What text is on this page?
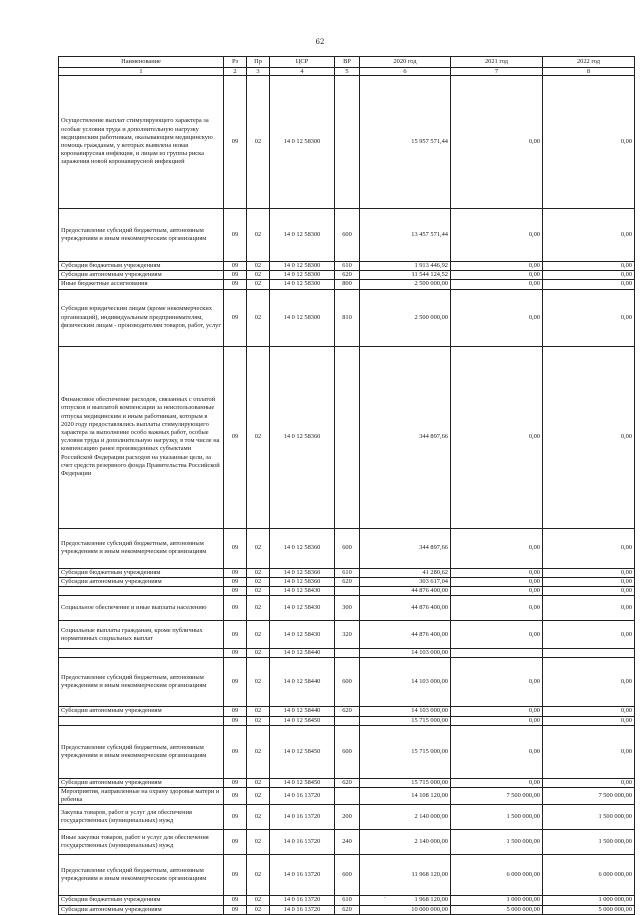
62
Наименование	Рз	Пр	ЦСР	ВР	2020 год	2021 год	2022 год
1	2	3	4	5	6	7	8
Осуществление выплат стимулирующего характера за особые условия труда и дополнительную нагрузку медицинским работникам, оказывающим медицинскую помощь гражданам, у которых выявлена новая коронавирусная инфекция, и лицам из группы риска заражения новой коронавирусной инфекцией	09	02	14 0 12 58300		15 957 571,44	0,00	0,00
Предоставление субсидий бюджетным, автономным учреждениям и иным некоммерческим организациям	09	02	14 0 12 58300	600	13 457 571,44	0,00	0,00
Субсидии бюджетным учреждениям	09	02	14 0 12 58300	610	1 913 446,92	0,00	0,00
Субсидии автономным учреждениям	09	02	14 0 12 58300	620	11 544 124,52	0,00	0,00
Иные бюджетные ассигнования	09	02	14 0 12 58300	800	2 500 000,00	0,00	0,00
Субсидии юридическим лицам (кроме некоммерческих организаций), индивидуальным предпринимателям, физическим лицам - производителям товаров, работ, услуг	09	02	14 0 12 58300	810	2 500 000,00	0,00	0,00
Финансовое обеспечение расходов, связанных с оплатой отпусков и выплатой компенсации за неиспользованные отпуска медицинским и иным работникам, которым в 2020 году предоставлялись выплаты стимулирующего характера за выполнение особо важных работ, особые условия труда и дополнительную нагрузку, в том числе на компенсацию ранее произведенных субъектами Российской Федерации расходов на указанные цели, за счет средств резервного фонда Правительства Российской Федерации	09	02	14 0 12 58360		344 897,66	0,00	0,00
Предоставление субсидий бюджетным, автономным учреждениям и иным некоммерческим организациям	09	02	14 0 12 58360	600	344 897,66	0,00	0,00
Субсидии бюджетным учреждениям	09	02	14 0 12 58360	610	41 280,62	0,00	0,00
Субсидии автономным учреждениям	09	02	14 0 12 58360	620	303 617,04	0,00	0,00
	09	02	14 0 12 58430		44 876 400,00	0,00	0,00
Социальное обеспечение и иные выплаты населению	09	02	14 0 12 58430	300	44 876 400,00	0,00	0,00
Социальные выплаты гражданам, кроме публичных нормативных социальных выплат	09	02	14 0 12 58430	320	44 876 400,00	0,00	0,00
	09	02	14 0 12 58440		14 103 000,00		
Предоставление субсидий бюджетным, автономным учреждениям и иным некоммерческим организациям	09	02	14 0 12 58440	600	14 103 000,00	0,00	0,00
Субсидии автономным учреждениям	09	02	14 0 12 58440	620	14 103 000,00	0,00	0,00
	09	02	14 0 12 58450		15 715 000,00	0,00	0,00
Предоставление субсидий бюджетным, автономным учреждениям и иным некоммерческим организациям	09	02	14 0 12 58450	600	15 715 000,00	0,00	0,00
Субсидии автономным учреждениям	09	02	14 0 12 58450	620	15 715 000,00	0,00	0,00
Мероприятия, направленные на охрану здоровья матери и ребенка	09	02	14 0 16 13720		14 108 120,00	7 500 000,00	7 500 000,00
Закупка товаров, работ и услуг для обеспечения государственных (муниципальных) нужд	09	02	14 0 16 13720	200	2 140 000,00	1 500 000,00	1 500 000,00
Иные закупки товаров, работ и услуг для обеспечения государственных (муниципальных) нужд	09	02	14 0 16 13720	240	2 140 000,00	1 500 000,00	1 500 000,00
Предоставление субсидий бюджетным, автономным учреждениям и иным некоммерческим организациям	09	02	14 0 16 13720	600	11 968 120,00	6 000 000,00	6 000 000,00
Субсидии бюджетным учреждениям	09	02	14 0 16 13720	610	1 968 120,00	1 000 000,00	1 000 000,00
Субсидии автономным учреждениям	09	02	14 0 16 13720	620	10 000 000,00	5 000 000,00	5 000 000,00
·
